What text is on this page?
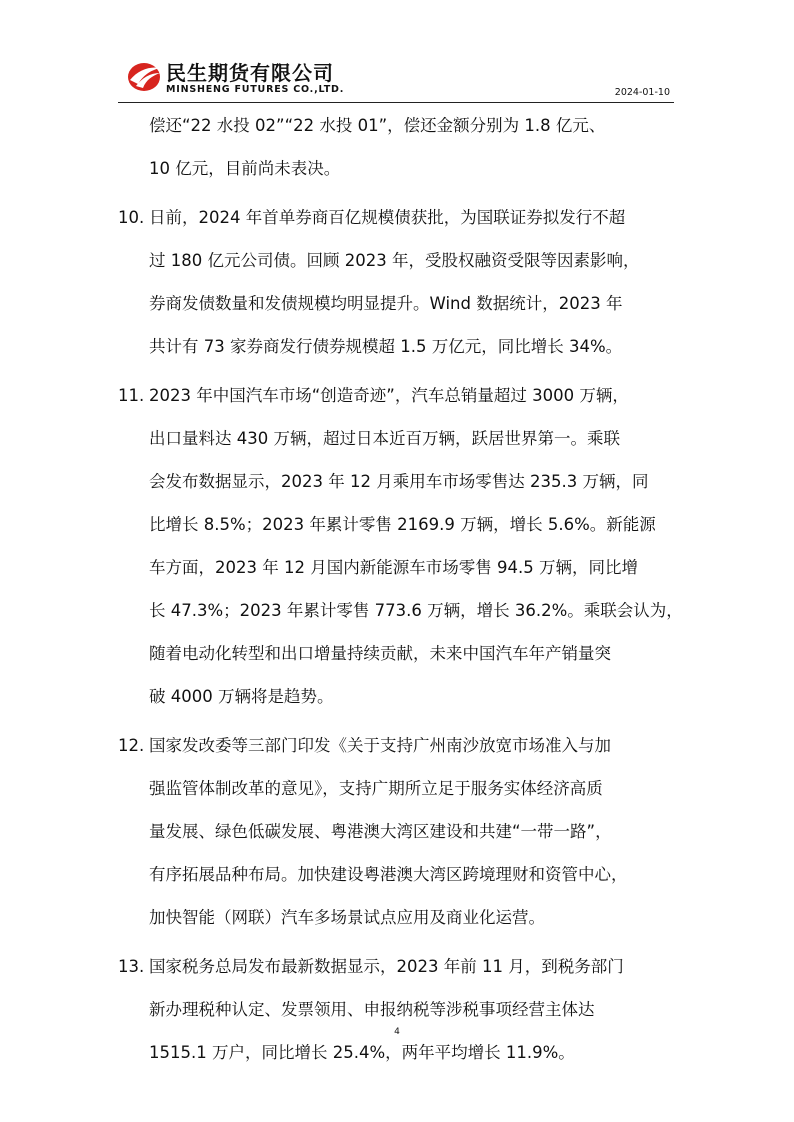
民生期货有限公司
MINSHENG FUTURES CO.,LTD.	2024-01-10
偿还“22 水投 02”“22 水投 01”，偿还金额分别为 1.8 亿元、
10 亿元，目前尚未表决。
10. 日前，2024 年首单券商百亿规模债获批，为国联证券拟发行不超
过 180 亿元公司债。回顾 2023 年，受股权融资受限等因素影响，
券商发债数量和发债规模均明显提升。Wind 数据统计，2023 年
共计有 73 家券商发行债券规模超 1.5 万亿元，同比增长 34%。
11. 2023 年中国汽车市场“创造奇迹”，汽车总销量超过 3000 万辆，
出口量料达 430 万辆，超过日本近百万辆，跃居世界第一。乘联
会发布数据显示，2023 年 12 月乘用车市场零售达 235.3 万辆，同
比增长 8.5%；2023 年累计零售 2169.9 万辆，增长 5.6%。新能源
车方面，2023 年 12 月国内新能源车市场零售 94.5 万辆，同比增
长 47.3%；2023 年累计零售 773.6 万辆，增长 36.2%。乘联会认为，
随着电动化转型和出口增量持续贡献，未来中国汽车年产销量突
破 4000 万辆将是趋势。
12. 国家发改委等三部门印发《关于支持广州南沙放宽市场准入与加
强监管体制改革的意见》，支持广期所立足于服务实体经济高质
量发展、绿色低碳发展、粤港澳大湾区建设和共建“一带一路”，
有序拓展品种布局。加快建设粤港澳大湾区跨境理财和资管中心，
加快智能（网联）汽车多场景试点应用及商业化运营。
13. 国家税务总局发布最新数据显示，2023 年前 11 月，到税务部门
新办理税种认定、发票领用、申报纳税等涉税事项经营主体达
1515.1 万户，同比增长 25.4%，两年平均增长 11.9%。
4
